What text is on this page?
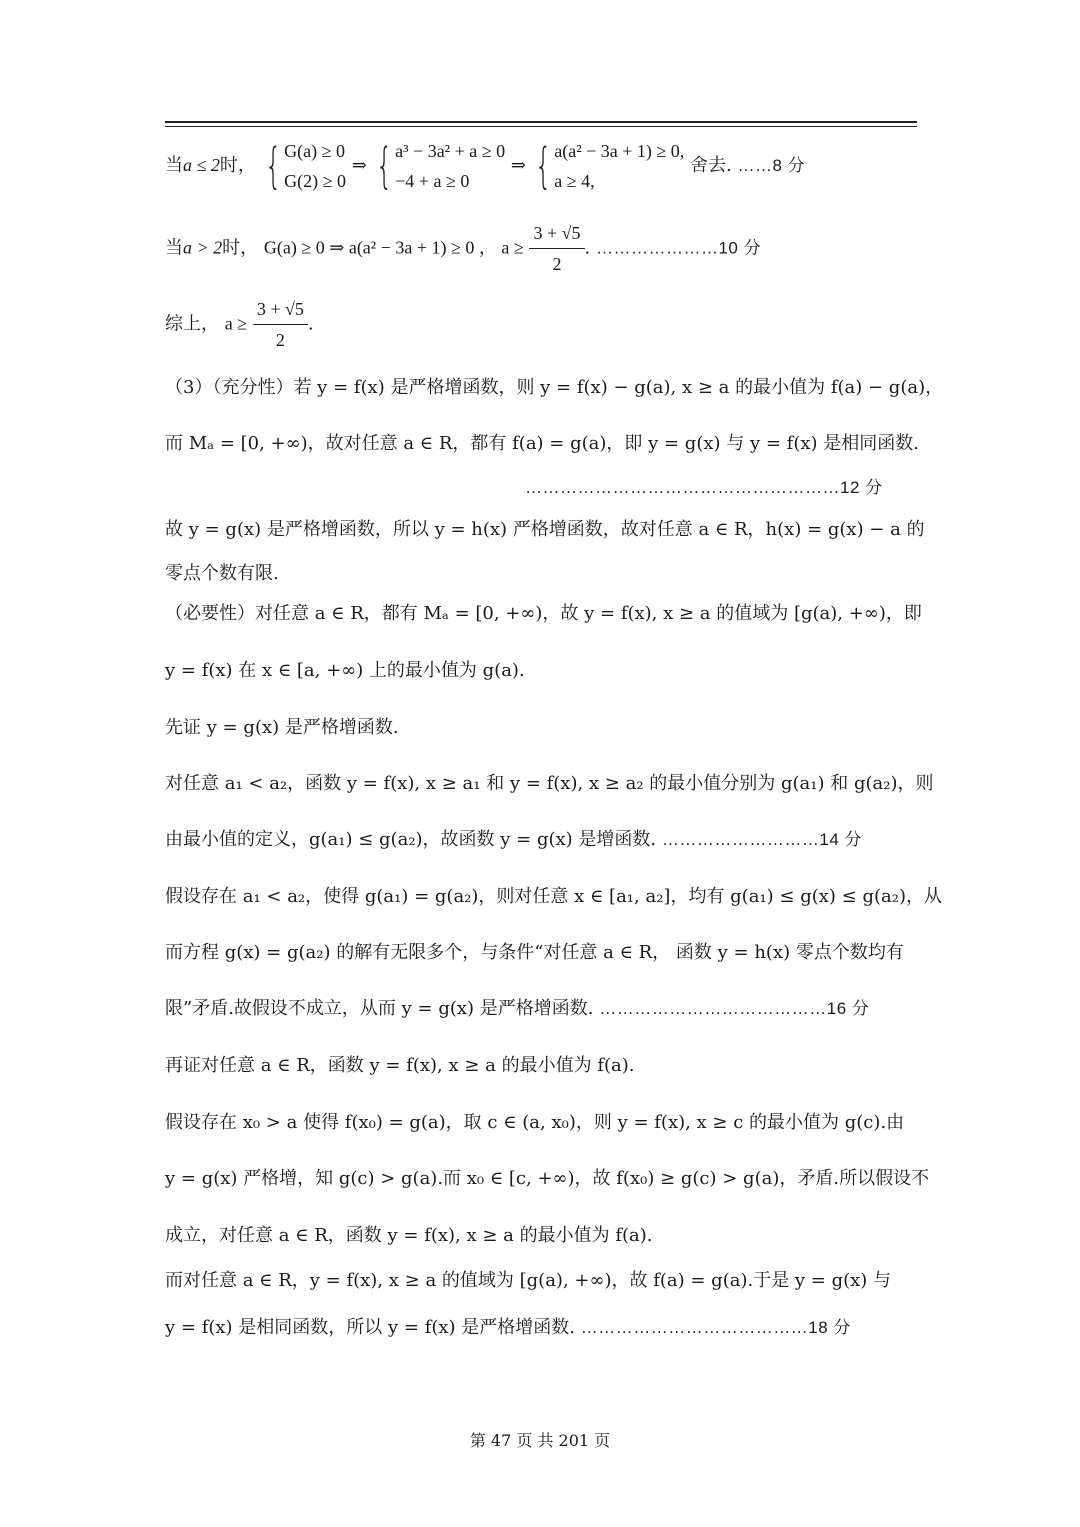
当a ≤ 2时， { G(a) ≥ 0
G(2) ≥ 0
⇒ { a³ − 3a² + a ≥ 0
−4 + a ≥ 0
⇒ { a(a² − 3a + 1) ≥ 0,
a ≥ 4,
舍去. ……8 分
当a > 2时， G(a) ≥ 0 ⇒ a(a² − 3a + 1) ≥ 0 ， $a \ge \frac{3 + √5}{2}$ . …………………10 分
综上， $a \ge \frac{3 + √5}{2}$ .
（3）（充分性）若 y = f(x) 是严格增函数，则 y = f(x) − g(a), x ≥ a 的最小值为 f(a) − g(a)，
而 Mₐ = [0, +∞)，故对任意 a ∈ R，都有 f(a) = g(a)，即 y = g(x) 与 y = f(x) 是相同函数.
………………………………………………12 分
故 y = g(x) 是严格增函数，所以 y = h(x) 严格增函数，故对任意 a ∈ R，h(x) = g(x) − a 的
零点个数有限.
（必要性）对任意 a ∈ R，都有 Mₐ = [0, +∞)，故 y = f(x), x ≥ a 的值域为 [g(a), +∞)，即
y = f(x) 在 x ∈ [a, +∞) 上的最小值为 g(a).
先证 y = g(x) 是严格增函数.
对任意 a₁ < a₂，函数 y = f(x), x ≥ a₁ 和 y = f(x), x ≥ a₂ 的最小值分别为 g(a₁) 和 g(a₂)，则
由最小值的定义，g(a₁) ≤ g(a₂)，故函数 y = g(x) 是增函数. ………………………14 分
假设存在 a₁ < a₂，使得 g(a₁) = g(a₂)，则对任意 x ∈ [a₁, a₂]，均有 g(a₁) ≤ g(x) ≤ g(a₂)，从
而方程 g(x) = g(a₂) 的解有无限多个，与条件“对任意 a ∈ R， 函数 y = h(x) 零点个数均有
限”矛盾.故假设不成立，从而 y = g(x) 是严格增函数. …………………………………16 分
再证对任意 a ∈ R，函数 y = f(x), x ≥ a 的最小值为 f(a).
假设存在 x₀ > a 使得 f(x₀) = g(a)，取 c ∈ (a, x₀)，则 y = f(x), x ≥ c 的最小值为 g(c).由
y = g(x) 严格增，知 g(c) > g(a).而 x₀ ∈ [c, +∞)，故 f(x₀) ≥ g(c) > g(a)，矛盾.所以假设不
成立，对任意 a ∈ R，函数 y = f(x), x ≥ a 的最小值为 f(a).
而对任意 a ∈ R，y = f(x), x ≥ a 的值域为 [g(a), +∞)，故 f(a) = g(a).于是 y = g(x) 与
y = f(x) 是相同函数，所以 y = f(x) 是严格增函数. …………………………………18 分
第 47 页 共 201 页
